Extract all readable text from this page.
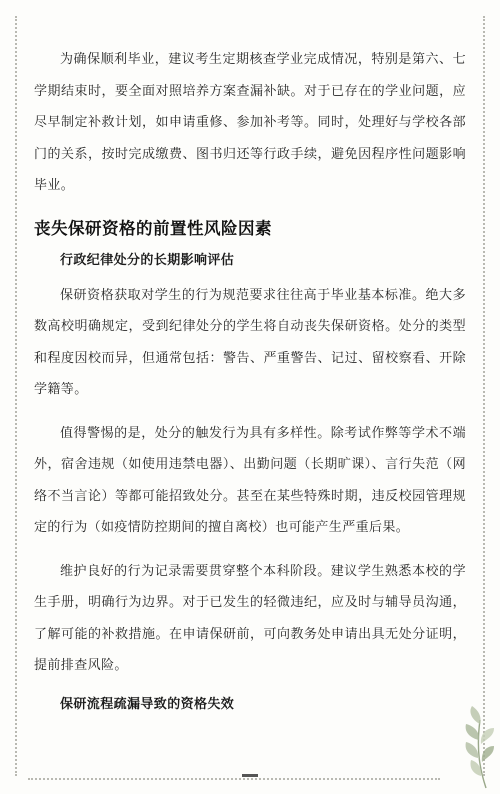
为确保顺利毕业，建议考生定期核查学业完成情况，特别是第六、七学期结束时，要全面对照培养方案查漏补缺。对于已存在的学业问题，应尽早制定补救计划，如申请重修、参加补考等。同时，处理好与学校各部门的关系，按时完成缴费、图书归还等行政手续，避免因程序性问题影响毕业。

丧失保研资格的前置性风险因素
行政纪律处分的长期影响评估

保研资格获取对学生的行为规范要求往往高于毕业基本标准。绝大多数高校明确规定，受到纪律处分的学生将自动丧失保研资格。处分的类型和程度因校而异，但通常包括：警告、严重警告、记过、留校察看、开除学籍等。

值得警惕的是，处分的触发行为具有多样性。除考试作弊等学术不端外，宿舍违规（如使用违禁电器）、出勤问题（长期旷课）、言行失范（网络不当言论）等都可能招致处分。甚至在某些特殊时期，违反校园管理规定的行为（如疫情防控期间的擅自离校）也可能产生严重后果。

维护良好的行为记录需要贯穿整个本科阶段。建议学生熟悉本校的学生手册，明确行为边界。对于已发生的轻微违纪，应及时与辅导员沟通，了解可能的补救措施。在申请保研前，可向教务处申请出具无处分证明，提前排查风险。

保研流程疏漏导致的资格失效
